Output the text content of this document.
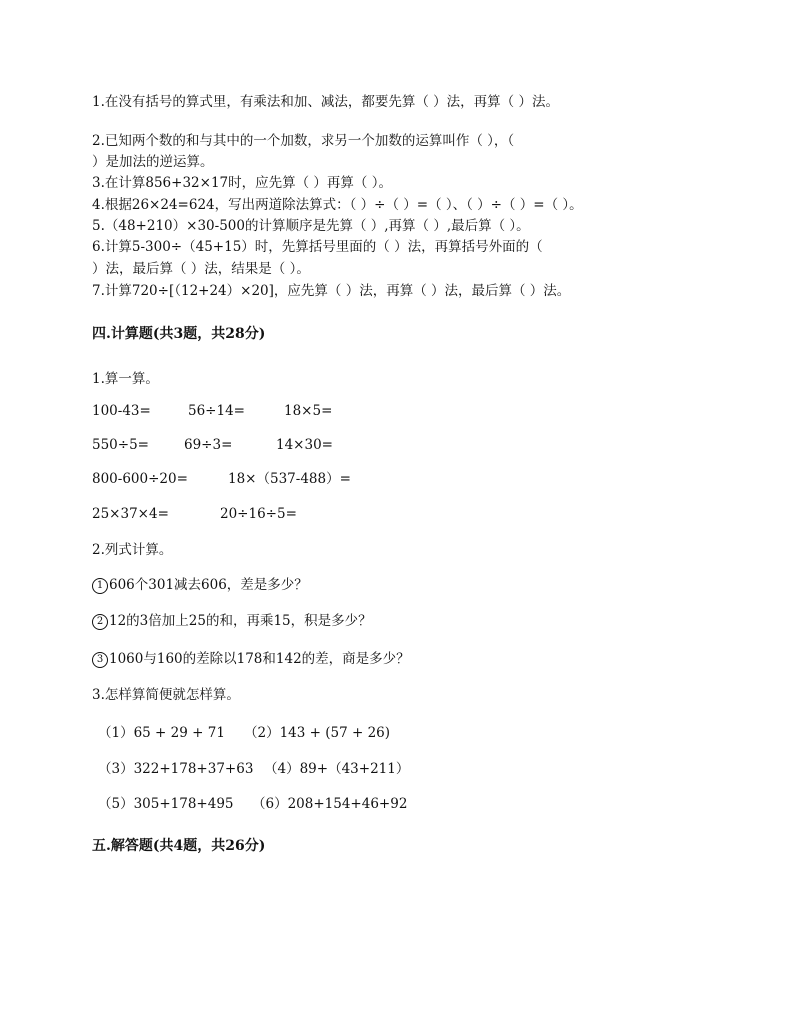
1.在没有括号的算式里，有乘法和加、减法，都要先算（ ）法，再算（ ）法。
2.已知两个数的和与其中的一个加数，求另一个加数的运算叫作（ ），（
）是加法的逆运算。
3.在计算856+32×17时，应先算（ ）再算（ ）。
4.根据26×24=624，写出两道除法算式：（ ）÷（ ）=（ ）、（ ）÷（ ）=（ ）。
5.（48+210）×30-500的计算顺序是先算（ ）,再算（ ）,最后算（ ）。
6.计算5-300÷（45+15）时，先算括号里面的（ ）法，再算括号外面的（
）法，最后算（ ）法，结果是（ ）。
7.计算720÷[（12+24）×20]，应先算（ ）法，再算（ ）法，最后算（ ）法。
四.计算题(共3题，共28分)
1.算一算。
100-43=	56÷14=	18×5=
550÷5=	69÷3=	14×30=
800-600÷20=	18×（537-488）=
25×37×4=	20÷16÷5=
2.列式计算。
1 606个301减去606，差是多少？
2 12的3倍加上25的和，再乘15，积是多少？
3 1060与160的差除以178和142的差，商是多少？
3.怎样算简便就怎样算。
（1）65 + 29 + 71 （2）143 + (57 + 26)
（3）322+178+37+63 （4）89+（43+211）
（5）305+178+495 （6）208+154+46+92
五.解答题(共4题，共26分)
